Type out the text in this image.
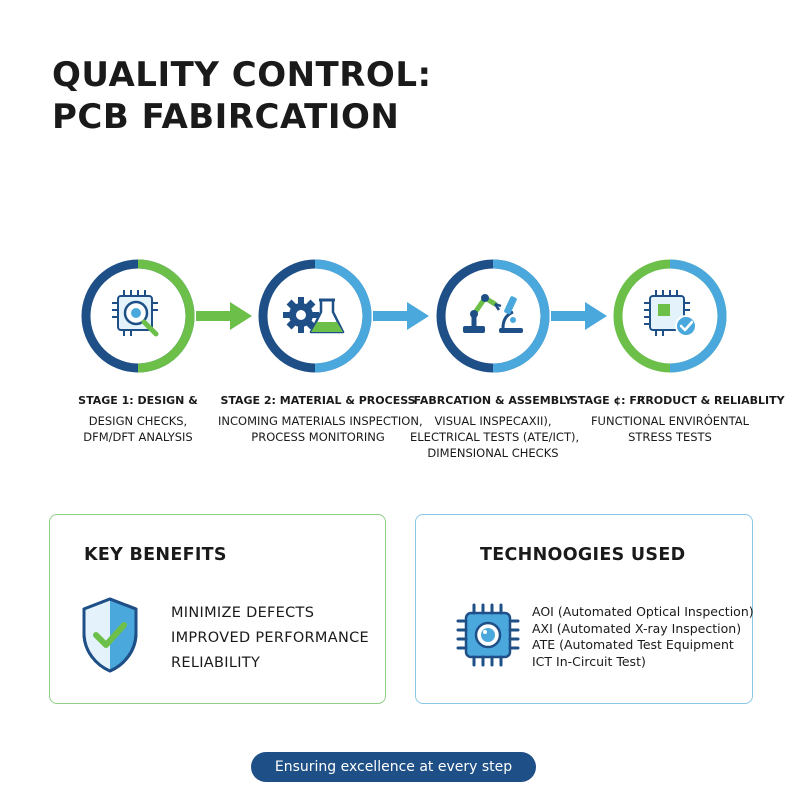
QUALITY CONTROL:
PCB FABIRCATION
STAGE 1: DESIGN &
DESIGN CHECKS,
DFM/DFT ANALYSIS
STAGE 2: MATERIAL & PROCESS
INCOMING MATERIALS INSPECTION,
PROCESS MONITORING
FABRCATION & ASSEMBLY
VISUAL INSPECAXII),
ELECTRICAL TESTS (ATE/ICT),
DIMENSIONAL CHECKS
STAGE ¢: FR̸RODUCT & RELIABLITY
FUNCTIONAL ENVIRÓENTAL
STRESS TESTS
KEY BENEFITS
MINIMIZE DEFECTS
IMPROVED PERFORMANCE
RELIABILITY
TECHNOOGIES USED
AOI (Automated Optical Inspection)
AXI (Automated X-ray Inspection)
ATE (Automated Test Equipment
ICT In-Circuit Test)
Ensuring excellence at every step
